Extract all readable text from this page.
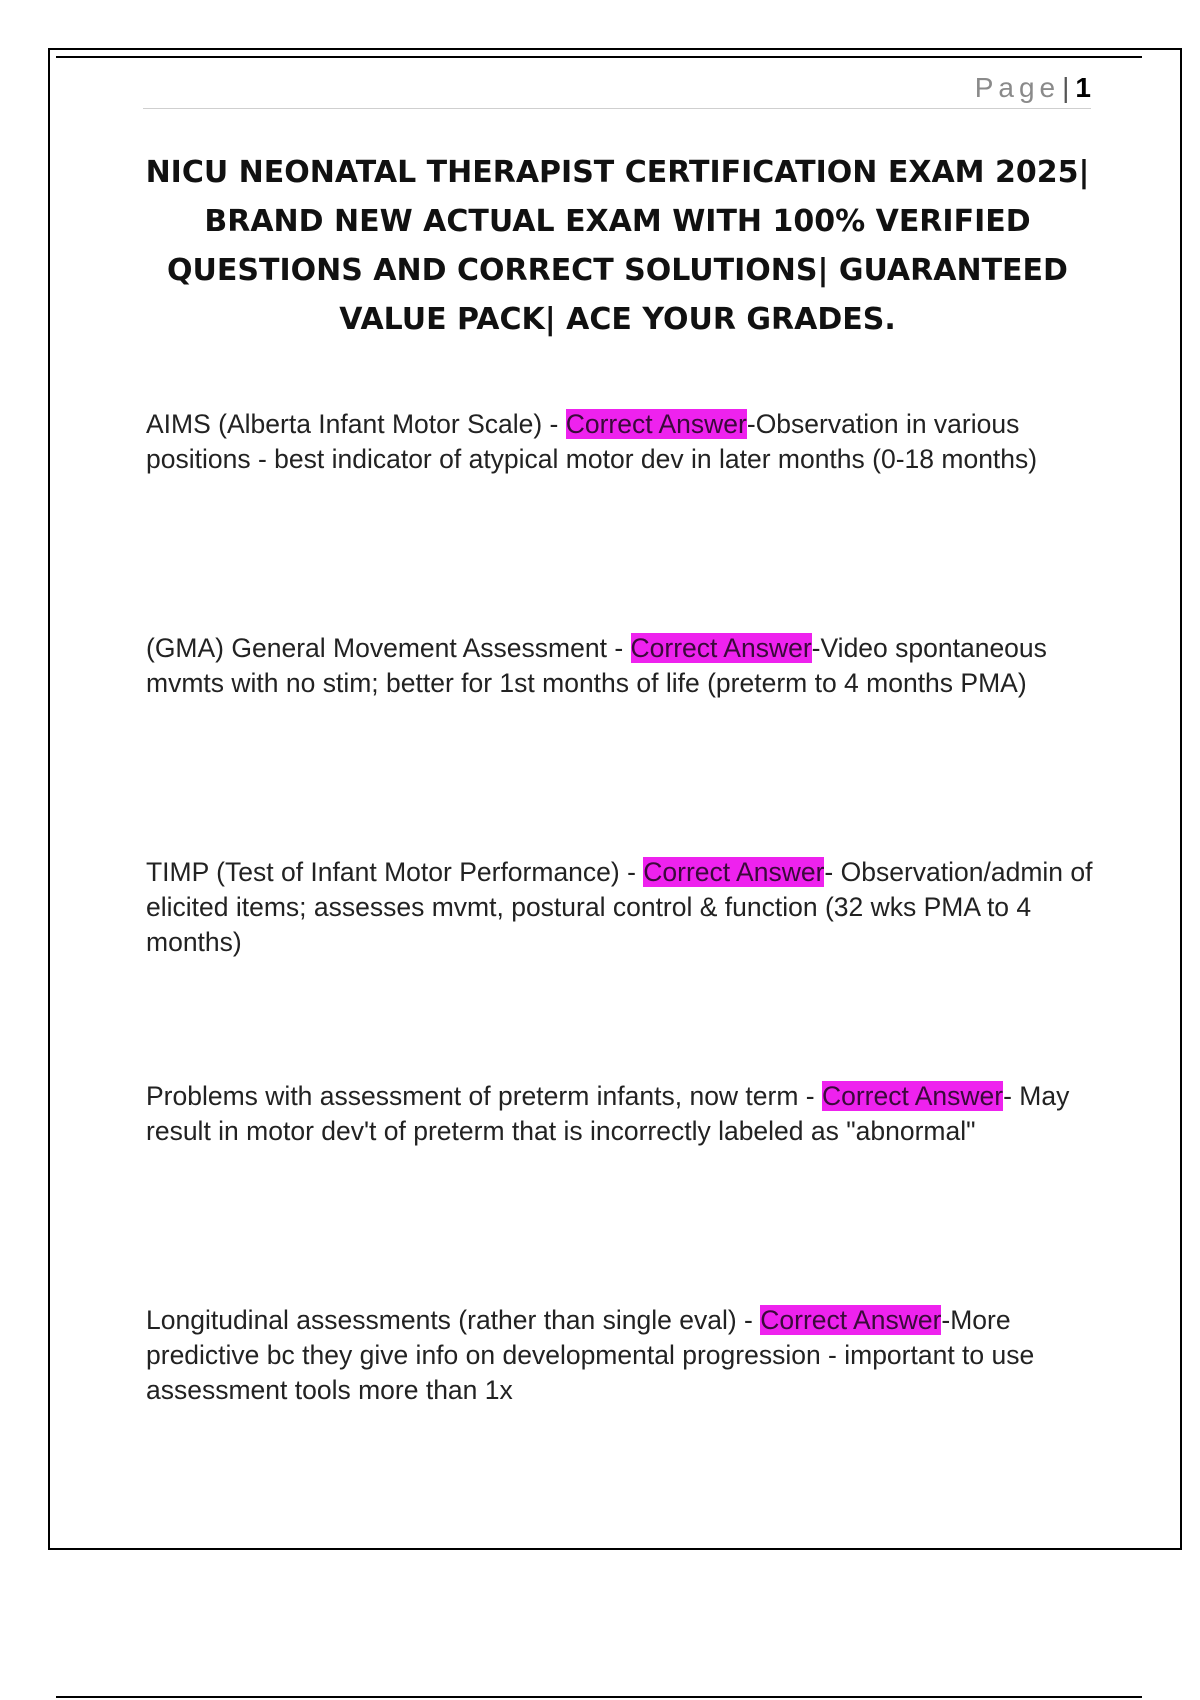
Page| 1
NICU NEONATAL THERAPIST CERTIFICATION EXAM 2025| BRAND NEW ACTUAL EXAM WITH 100% VERIFIED QUESTIONS AND CORRECT SOLUTIONS| GUARANTEED VALUE PACK| ACE YOUR GRADES.

AIMS (Alberta Infant Motor Scale) - Correct Answer-Observation in various positions - best indicator of atypical motor dev in later months (0-18 months)

(GMA) General Movement Assessment - Correct Answer-Video spontaneous mvmts with no stim; better for 1st months of life (preterm to 4 months PMA)

TIMP (Test of Infant Motor Performance) - Correct Answer- Observation/admin of elicited items; assesses mvmt, postural control & function (32 wks PMA to 4 months)

Problems with assessment of preterm infants, now term - Correct Answer- May result in motor dev't of preterm that is incorrectly labeled as "abnormal"

Longitudinal assessments (rather than single eval) - Correct Answer-More predictive bc they give info on developmental progression - important to use assessment tools more than 1x
